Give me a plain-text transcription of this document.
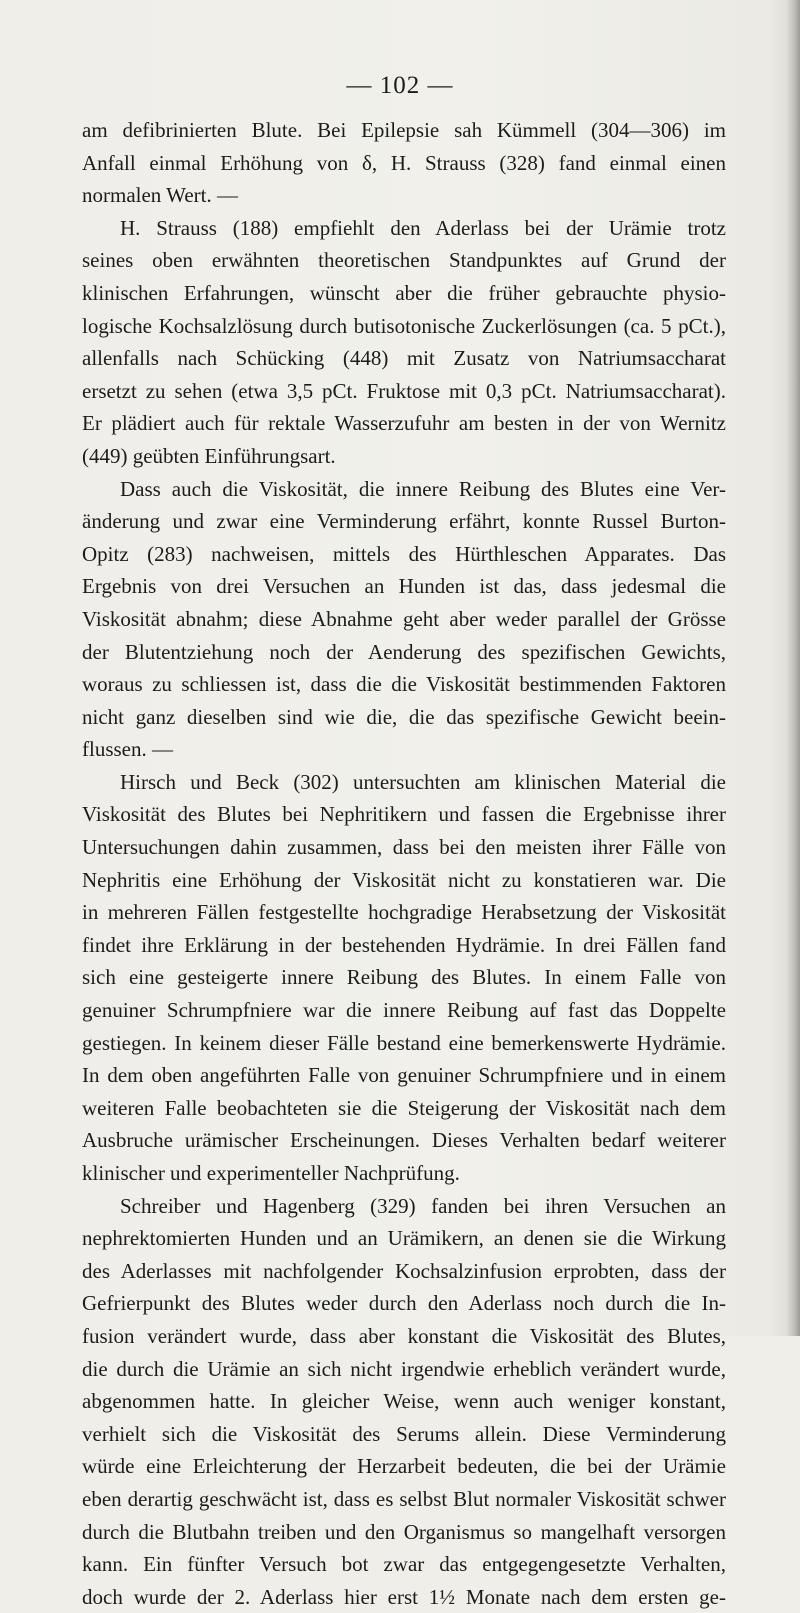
— 102 —
am defibrinierten Blute. Bei Epilepsie sah Kümmell (304—306) im
Anfall einmal Erhöhung von δ, H. Strauss (328) fand einmal einen
normalen Wert. —
H. Strauss (188) empfiehlt den Aderlass bei der Urämie trotz
seines oben erwähnten theoretischen Standpunktes auf Grund der
klinischen Erfahrungen, wünscht aber die früher gebrauchte physio-
logische Kochsalzlösung durch butisotonische Zuckerlösungen (ca. 5 pCt.),
allenfalls nach Schücking (448) mit Zusatz von Natriumsaccharat
ersetzt zu sehen (etwa 3,5 pCt. Fruktose mit 0,3 pCt. Natriumsaccharat).
Er plädiert auch für rektale Wasserzufuhr am besten in der von Wernitz
(449) geübten Einführungsart.
Dass auch die Viskosität, die innere Reibung des Blutes eine Ver-
änderung und zwar eine Verminderung erfährt, konnte Russel Burton-
Opitz (283) nachweisen, mittels des Hürthleschen Apparates. Das
Ergebnis von drei Versuchen an Hunden ist das, dass jedesmal die
Viskosität abnahm; diese Abnahme geht aber weder parallel der Grösse
der Blutentziehung noch der Aenderung des spezifischen Gewichts,
woraus zu schliessen ist, dass die die Viskosität bestimmenden Faktoren
nicht ganz dieselben sind wie die, die das spezifische Gewicht beein-
flussen. —
Hirsch und Beck (302) untersuchten am klinischen Material die
Viskosität des Blutes bei Nephritikern und fassen die Ergebnisse ihrer
Untersuchungen dahin zusammen, dass bei den meisten ihrer Fälle von
Nephritis eine Erhöhung der Viskosität nicht zu konstatieren war. Die
in mehreren Fällen festgestellte hochgradige Herabsetzung der Viskosität
findet ihre Erklärung in der bestehenden Hydrämie. In drei Fällen fand
sich eine gesteigerte innere Reibung des Blutes. In einem Falle von
genuiner Schrumpfniere war die innere Reibung auf fast das Doppelte
gestiegen. In keinem dieser Fälle bestand eine bemerkenswerte Hydrämie.
In dem oben angeführten Falle von genuiner Schrumpfniere und in einem
weiteren Falle beobachteten sie die Steigerung der Viskosität nach dem
Ausbruche urämischer Erscheinungen. Dieses Verhalten bedarf weiterer
klinischer und experimenteller Nachprüfung.
Schreiber und Hagenberg (329) fanden bei ihren Versuchen an
nephrektomierten Hunden und an Urämikern, an denen sie die Wirkung
des Aderlasses mit nachfolgender Kochsalzinfusion erprobten, dass der
Gefrierpunkt des Blutes weder durch den Aderlass noch durch die In-
fusion verändert wurde, dass aber konstant die Viskosität des Blutes,
die durch die Urämie an sich nicht irgendwie erheblich verändert wurde,
abgenommen hatte. In gleicher Weise, wenn auch weniger konstant,
verhielt sich die Viskosität des Serums allein. Diese Verminderung
würde eine Erleichterung der Herzarbeit bedeuten, die bei der Urämie
eben derartig geschwächt ist, dass es selbst Blut normaler Viskosität schwer
durch die Blutbahn treiben und den Organismus so mangelhaft versorgen
kann. Ein fünfter Versuch bot zwar das entgegengesetzte Verhalten,
doch wurde der 2. Aderlass hier erst 1½ Monate nach dem ersten ge-
